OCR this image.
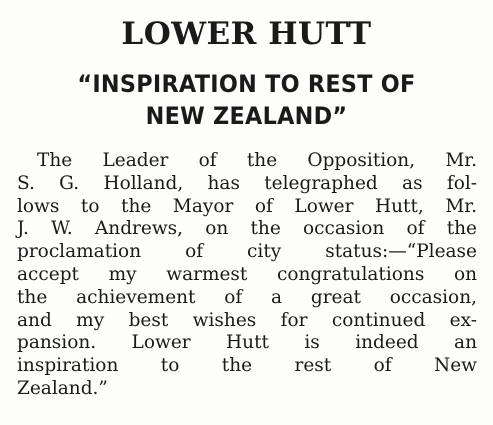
LOWER HUTT
“INSPIRATION TO REST OF
NEW ZEALAND”
The Leader of the Opposition, Mr.
S. G. Holland, has telegraphed as fol-
lows to the Mayor of Lower Hutt, Mr.
J. W. Andrews, on the occasion of the
proclamation of city status:—“Please
accept my warmest congratulations on
the achievement of a great occasion,
and my best wishes for continued ex-
pansion. Lower Hutt is indeed an
inspiration to the rest of New
Zealand.”
